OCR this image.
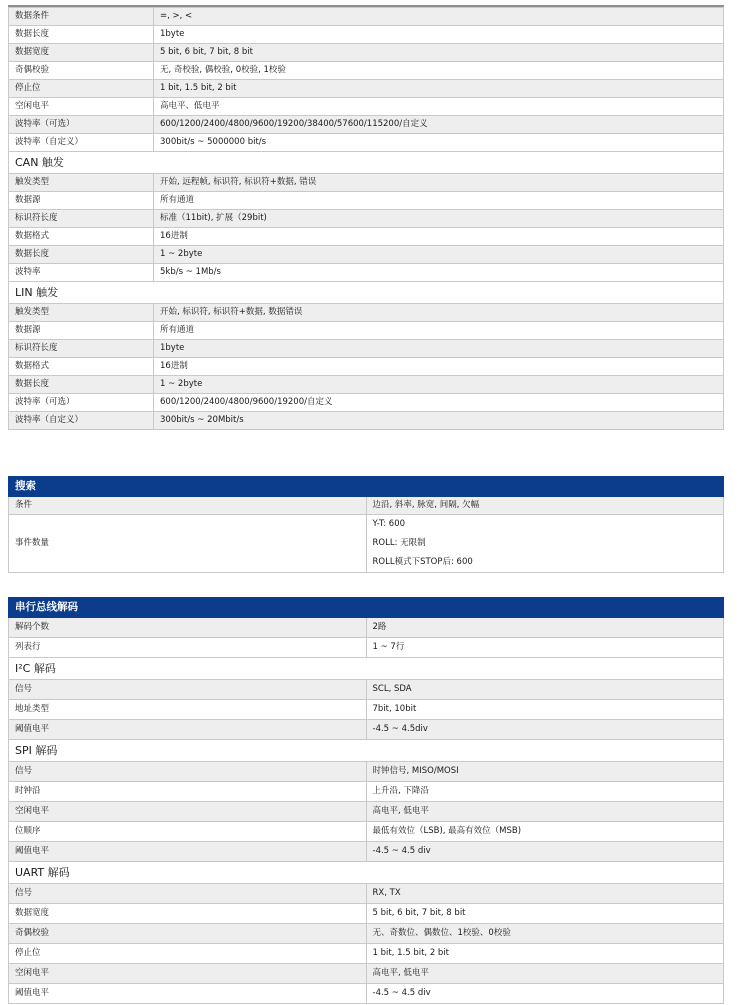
数据条件	=, >, <
数据长度	1byte
数据宽度	5 bit, 6 bit, 7 bit, 8 bit
奇偶校验	无, 奇校验, 偶校验, 0校验, 1校验
停止位	1 bit, 1.5 bit, 2 bit
空闲电平	高电平、低电平
波特率（可选）	600/1200/2400/4800/9600/19200/38400/57600/115200/自定义
波特率（自定义）	300bit/s ~ 5000000 bit/s
CAN 触发	
触发类型	开始, 远程帧, 标识符, 标识符+数据, 错误
数据源	所有通道
标识符长度	标准（11bit), 扩展（29bit)
数据格式	16进制
数据长度	1 ~ 2byte
波特率	5kb/s ~ 1Mb/s
LIN 触发	
触发类型	开始, 标识符, 标识符+数据, 数据错误
数据源	所有通道
标识符长度	1byte
数据格式	16进制
数据长度	1 ~ 2byte
波特率（可选）	600/1200/2400/4800/9600/19200/自定义
波特率（自定义）	300bit/s ~ 20Mbit/s
搜索	
条件	边沿, 斜率, 脉宽, 间隔, 欠幅
事件数量	Y-T: 600
ROLL: 无限制
ROLL模式下STOP后: 600
串行总线解码	
解码个数	2路
列表行	1 ~ 7行
I²C 解码	
信号	SCL, SDA
地址类型	7bit, 10bit
阈值电平	-4.5 ~ 4.5div
SPI 解码	
信号	时钟信号, MISO/MOSI
时钟沿	上升沿, 下降沿
空闲电平	高电平, 低电平
位顺序	最低有效位（LSB), 最高有效位（MSB)
阈值电平	-4.5 ~ 4.5 div
UART 解码	
信号	RX, TX
数据宽度	5 bit, 6 bit, 7 bit, 8 bit
奇偶校验	无、奇数位、偶数位、1校验、0校验
停止位	1 bit, 1.5 bit, 2 bit
空闲电平	高电平, 低电平
阈值电平	-4.5 ~ 4.5 div
